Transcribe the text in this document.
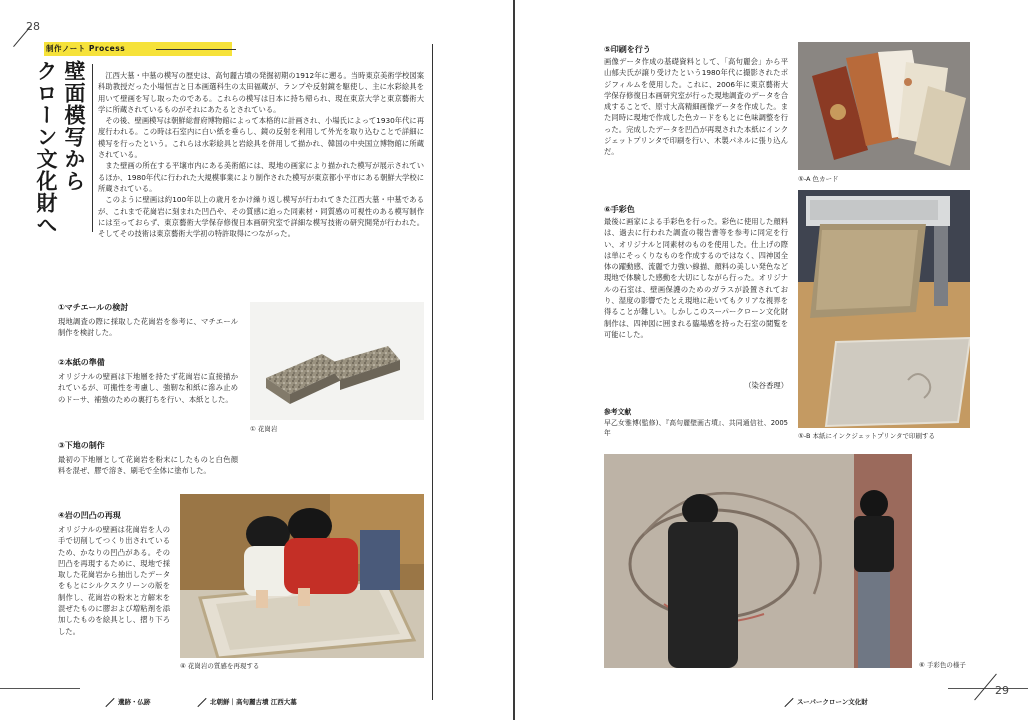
28
制作ノート Process
壁面模写から
クローン文化財へ	江西大墓・中墓の模写の歴史は、高句麗古墳の発掘初期の1912年に遡る。当時東京美術学校図案科助教授だった小場恒吉と日本画選科生の太田福蔵が、ランプや反射鏡を駆使し、主に水彩絵具を用いて壁画を写し取ったのである。これらの模写は日本に持ち帰られ、現在東京大学と東京藝術大学に所蔵されているものがそれにあたるとされている。

その後、壁画模写は朝鮮総督府博物館によって本格的に計画され、小場氏によって1930年代に再度行われる。この時は石室内に白い紙を垂らし、鏡の反射を利用して外光を取り込むことで詳細に模写を行ったという。これらは水彩絵具と岩絵具を併用して描かれ、韓国の中央国立博物館に所蔵されている。

また壁画の所在する平壌市内にある美術館には、現地の画家により描かれた模写が展示されているほか、1980年代に行われた大規模事業により制作された模写が東京都小平市にある朝鮮大学校に所蔵されている。

このように壁画は約100年以上の歳月をかけ繰り返し模写が行われてきた江西大墓・中墓であるが、これまで花崗岩に刻まれた凹凸や、その質感に迫った同素材・同質感の可視性のある模写制作には至っておらず、東京藝術大学保存修復日本画研究室で詳細な模写技術の研究開発が行われた。そしてその技術は東京藝術大学初の特許取得につながった。

①マチエールの検討
現地調査の際に採取した花崗岩を参考に、マチエール制作を検討した。
②本紙の準備
オリジナルの壁画は下地層を持たず花崗岩に直接描かれているが、可搬性を考慮し、強靭な和紙に滲み止めのドーサ、補強のための裏打ちを行い、本紙とした。
③下地の制作
最初の下地層として花崗岩を粉末にしたものと白色顔料を混ぜ、膠で溶き、刷毛で全体に塗布した。
④岩の凹凸の再現
オリジナルの壁画は花崗岩を人の手で切削してつくり出されているため、かなりの凹凸がある。その凹凸を再現するために、現地で採取した花崗岩から抽出したデータをもとにシルクスクリーンの版を制作し、花崗岩の粉末と方解末を混ぜたものに膠および増粘剤を添加したものを絵具とし、摺り下ろした。
① 花崗岩
④ 花崗岩の質感を再現する
遺跡・仏跡	北朝鮮｜高句麗古墳 江西大墓
⑤印刷を行う
画像データ作成の基礎資料として、「高句麗会」から平山郁夫氏が譲り受けたという1980年代に撮影されたポジフィルムを使用した。これに、2006年に東京藝術大学保存修復日本画研究室が行った現地調査のデータを合成することで、原寸大高精細画像データを作成した。また同時に現地で作成した色カードをもとに色味調整を行った。完成したデータを凹凸が再現された本紙にインクジェットプリンタで印刷を行い、木製パネルに張り込んだ。
⑥手彩色
最後に画家による手彩色を行った。彩色に使用した顔料は、過去に行われた調査の報告書等を参考に同定を行い、オリジナルと同素材のものを使用した。仕上げの際は単にそっくりなものを作成するのではなく、四神図全体の躍動感、流麗で力強い線描、顔料の美しい発色など現地で体験した感動を大切にしながら行った。オリジナルの石室は、壁画保護のためのガラスが設置されており、湿度の影響でたとえ現地に赴いてもクリアな視界を得ることが難しい。しかしこのスーパークローン文化財制作は、四神図に囲まれる臨場感を持った石室の閲覧を可能にした。
（染谷香理）
参考文献
早乙女雅博(監修)、『高句麗壁画古墳』、共同通信社、2005年
⑤-A 色カード
⑤-B 本紙にインクジェットプリンタで印刷する
⑥ 手彩色の様子
スーパークローン文化財
29
